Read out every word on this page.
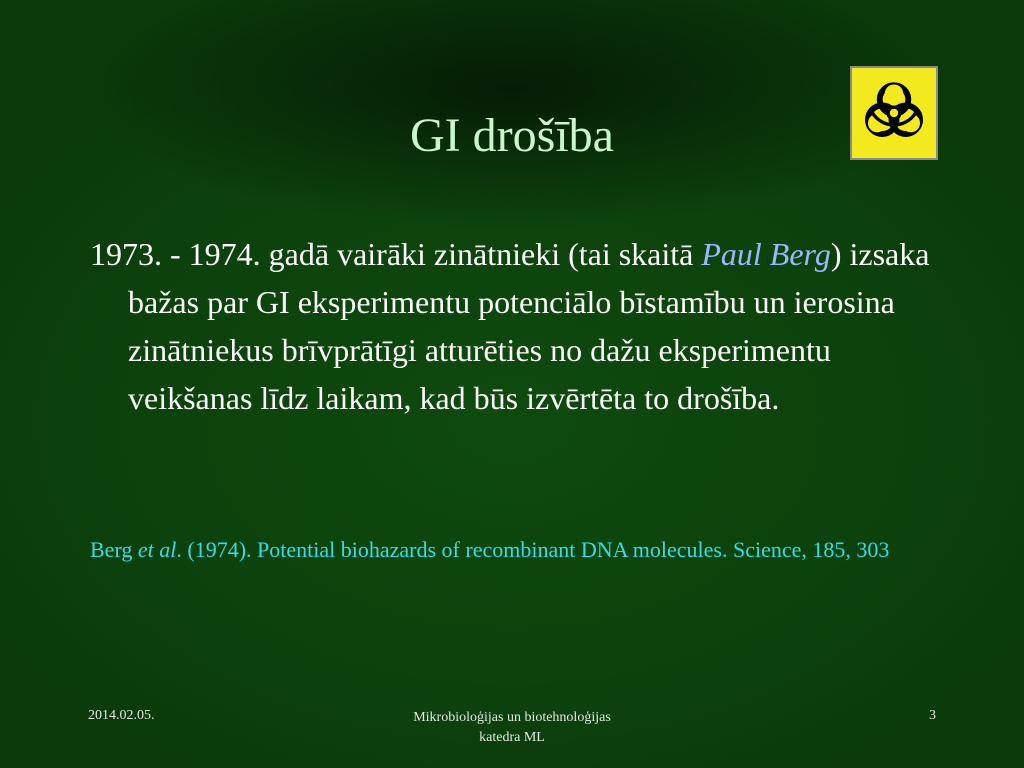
GI drošība

1973. - 1974. gadā vairāki zinātnieki (tai skaitā Paul Berg) izsaka bažas par GI eksperimentu potenciālo bīstamību un ierosina zinātniekus brīvprātīgi atturēties no dažu eksperimentu veikšanas līdz laikam, kad būs izvērtēta to drošība.

Berg et al. (1974). Potential biohazards of recombinant DNA molecules. Science, 185, 303

2014.02.05.	Mikrobioloģijas un biotehnoloģijas
katedra ML
3
